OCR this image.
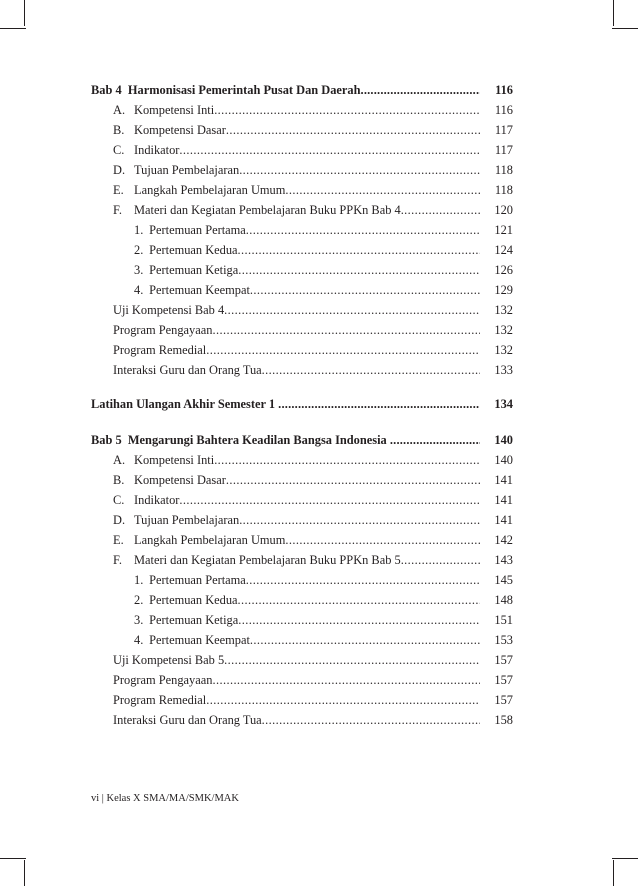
Bab 4 Harmonisasi Pemerintah Pusat Dan Daerah .....	116
A. Kompetensi Inti .....	116
B. Kompetensi Dasar .....	117
C. Indikator .....	117
D. Tujuan Pembelajaran .....	118
E. Langkah Pembelajaran Umum .....	118
F. Materi dan Kegiatan Pembelajaran Buku PPKn Bab 4 .....	120
1. Pertemuan Pertama .....	121
2. Pertemuan Kedua .....	124
3. Pertemuan Ketiga .....	126
4. Pertemuan Keempat .....	129
Uji Kompetensi Bab 4 .....	132
Program Pengayaan .....	132
Program Remedial .....	132
Interaksi Guru dan Orang Tua .....	133
Latihan Ulangan Akhir Semester 1  .....	134
Bab 5 Mengarungi Bahtera Keadilan Bangsa Indonesia  .....	140
A. Kompetensi Inti .....	140
B. Kompetensi Dasar .....	141
C. Indikator .....	141
D. Tujuan Pembelajaran .....	141
E. Langkah Pembelajaran Umum .....	142
F. Materi dan Kegiatan Pembelajaran Buku PPKn Bab 5 .....	143
1. Pertemuan Pertama .....	145
2. Pertemuan Kedua .....	148
3. Pertemuan Ketiga .....	151
4. Pertemuan Keempat .....	153
Uji Kompetensi Bab 5 .....	157
Program Pengayaan .....	157
Program Remedial .....	157
Interaksi Guru dan Orang Tua .....	158
vi | Kelas X SMA/MA/SMK/MAK
